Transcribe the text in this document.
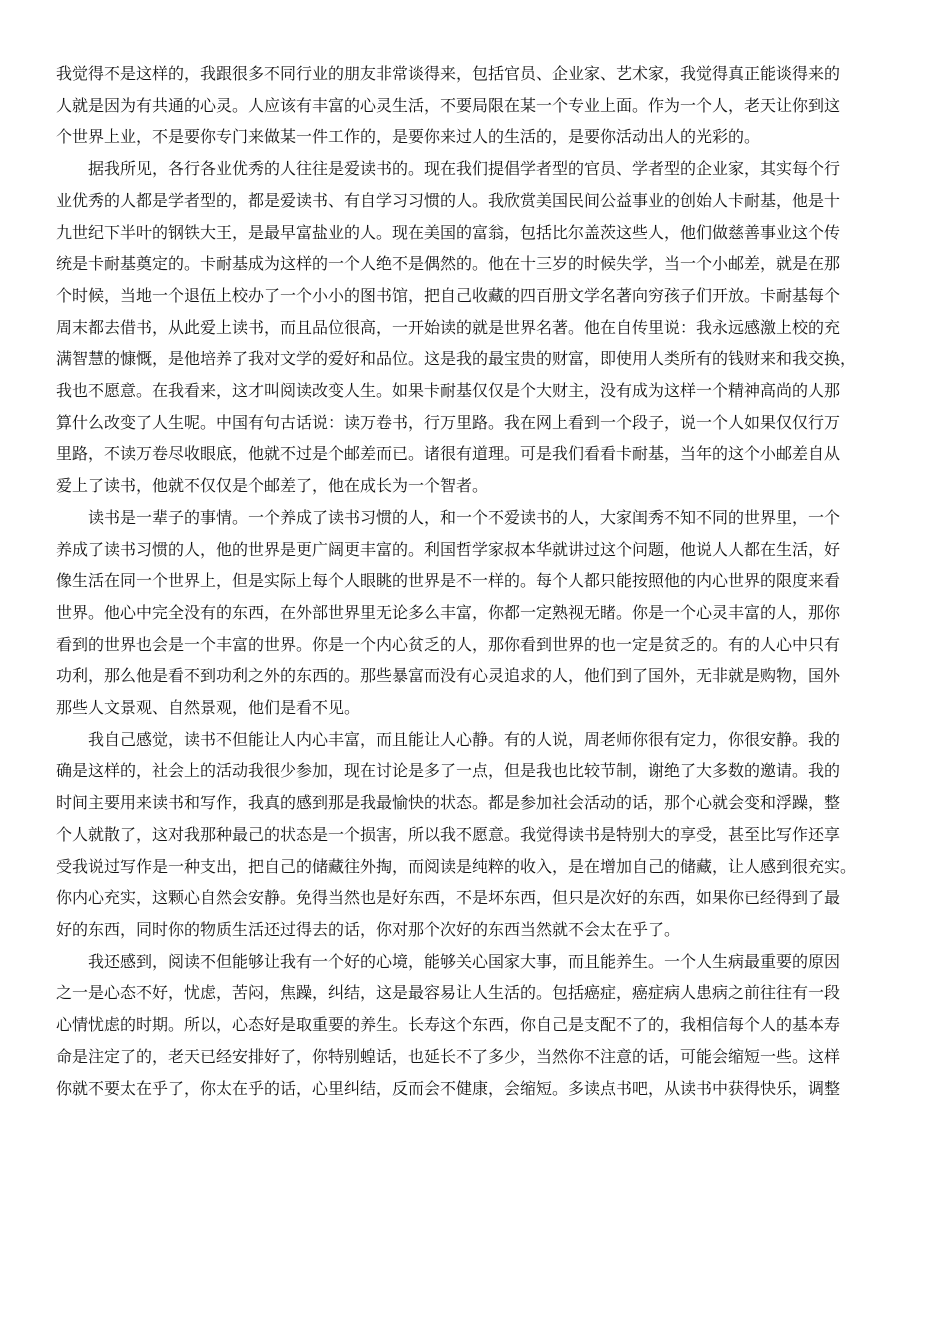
我觉得不是这样的，我跟很多不同行业的朋友非常谈得来，包括官员、企业家、艺术家，我觉得真正能谈得来的
人就是因为有共通的心灵。人应该有丰富的心灵生活，不要局限在某一个专业上面。作为一个人，老天让你到这
个世界上业，不是要你专门来做某一件工作的，是要你来过人的生活的，是要你活动出人的光彩的。
据我所见，各行各业优秀的人往往是爱读书的。现在我们提倡学者型的官员、学者型的企业家，其实每个行
业优秀的人都是学者型的，都是爱读书、有自学习习惯的人。我欣赏美国民间公益事业的创始人卡耐基，他是十
九世纪下半叶的钢铁大王，是最早富盐业的人。现在美国的富翁，包括比尔盖茨这些人，他们做慈善事业这个传
统是卡耐基奠定的。卡耐基成为这样的一个人绝不是偶然的。他在十三岁的时候失学，当一个小邮差，就是在那
个时候，当地一个退伍上校办了一个小小的图书馆，把自己收藏的四百册文学名著向穷孩子们开放。卡耐基每个
周末都去借书，从此爱上读书，而且品位很高，一开始读的就是世界名著。他在自传里说：我永远感激上校的充
满智慧的慷慨，是他培养了我对文学的爱好和品位。这是我的最宝贵的财富，即使用人类所有的钱财来和我交换，
我也不愿意。在我看来，这才叫阅读改变人生。如果卡耐基仅仅是个大财主，没有成为这样一个精神高尚的人那
算什么改变了人生呢。中国有句古话说：读万卷书，行万里路。我在网上看到一个段子，说一个人如果仅仅行万
里路，不读万卷尽收眼底，他就不过是个邮差而已。诸很有道理。可是我们看看卡耐基，当年的这个小邮差自从
爱上了读书，他就不仅仅是个邮差了，他在成长为一个智者。
读书是一辈子的事情。一个养成了读书习惯的人，和一个不爱读书的人，大家闺秀不知不同的世界里，一个
养成了读书习惯的人，他的世界是更广阔更丰富的。利国哲学家叔本华就讲过这个问题，他说人人都在生活，好
像生活在同一个世界上，但是实际上每个人眼眺的世界是不一样的。每个人都只能按照他的内心世界的限度来看
世界。他心中完全没有的东西，在外部世界里无论多么丰富，你都一定熟视无睹。你是一个心灵丰富的人，那你
看到的世界也会是一个丰富的世界。你是一个内心贫乏的人，那你看到世界的也一定是贫乏的。有的人心中只有
功利，那么他是看不到功利之外的东西的。那些暴富而没有心灵追求的人，他们到了国外，无非就是购物，国外
那些人文景观、自然景观，他们是看不见。
我自己感觉，读书不但能让人内心丰富，而且能让人心静。有的人说，周老师你很有定力，你很安静。我的
确是这样的，社会上的活动我很少参加，现在讨论是多了一点，但是我也比较节制，谢绝了大多数的邀请。我的
时间主要用来读书和写作，我真的感到那是我最愉快的状态。都是参加社会活动的话，那个心就会变和浮躁，整
个人就散了，这对我那种最己的状态是一个损害，所以我不愿意。我觉得读书是特别大的享受，甚至比写作还享
受我说过写作是一种支出，把自己的储藏往外掏，而阅读是纯粹的收入，是在增加自己的储藏，让人感到很充实。
你内心充实，这颗心自然会安静。免得当然也是好东西，不是坏东西，但只是次好的东西，如果你已经得到了最
好的东西，同时你的物质生活还过得去的话，你对那个次好的东西当然就不会太在乎了。
我还感到，阅读不但能够让我有一个好的心境，能够关心国家大事，而且能养生。一个人生病最重要的原因
之一是心态不好，忧虑，苦闷，焦躁，纠结，这是最容易让人生活的。包括癌症，癌症病人患病之前往往有一段
心情忧虑的时期。所以，心态好是取重要的养生。长寿这个东西，你自己是支配不了的，我相信每个人的基本寿
命是注定了的，老天已经安排好了，你特别蝗话，也延长不了多少，当然你不注意的话，可能会缩短一些。这样
你就不要太在乎了，你太在乎的话，心里纠结，反而会不健康，会缩短。多读点书吧，从读书中获得快乐，调整
